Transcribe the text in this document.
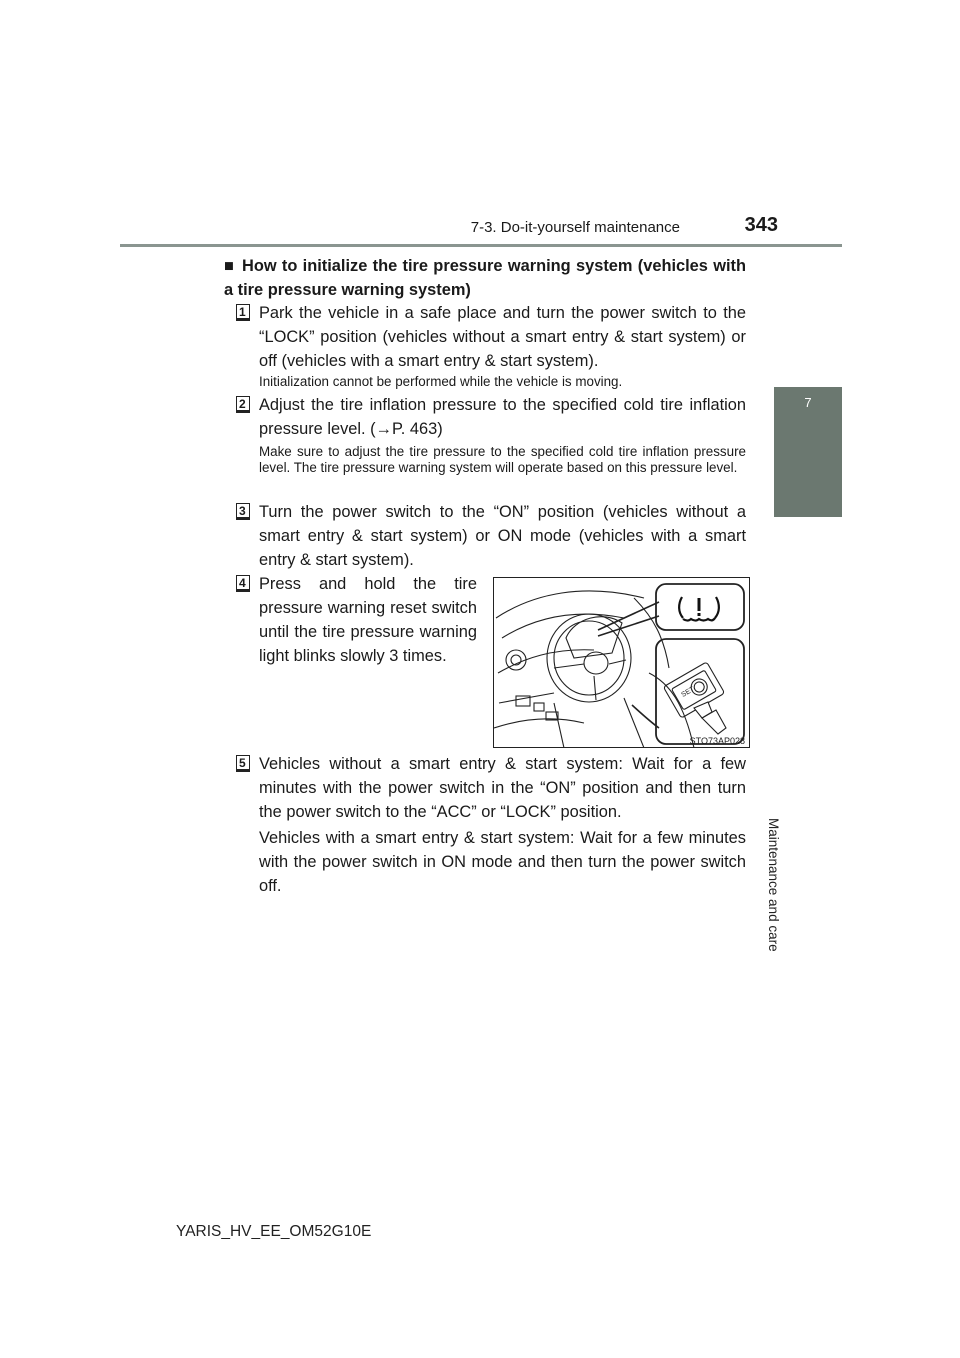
7-3. Do-it-yourself maintenance	343
7
Maintenance and care
■ How to initialize the tire pressure warning system (vehicles with a tire pressure warning system)
1 Park the vehicle in a safe place and turn the power switch to the “LOCK” position (vehicles without a smart entry & start system) or off (vehicles with a smart entry & start system).
Initialization cannot be performed while the vehicle is moving.
2 Adjust the tire inflation pressure to the specified cold tire inflation pressure level. (→P. 463)
Make sure to adjust the tire pressure to the specified cold tire inflation pressure level. The tire pressure warning system will operate based on this pressure level.
3 Turn the power switch to the “ON” position (vehicles without a smart entry & start system) or ON mode (vehicles with a smart entry & start system).
4 Press and hold the tire pressure warning reset switch until the tire pressure warning light blinks slowly 3 times.
SET
STO73AP028
5 Vehicles without a smart entry & start system: Wait for a few minutes with the power switch in the “ON” position and then turn the power switch to the “ACC” or “LOCK” position.
Vehicles with a smart entry & start system: Wait for a few minutes with the power switch in ON mode and then turn the power switch off.
YARIS_HV_EE_OM52G10E
